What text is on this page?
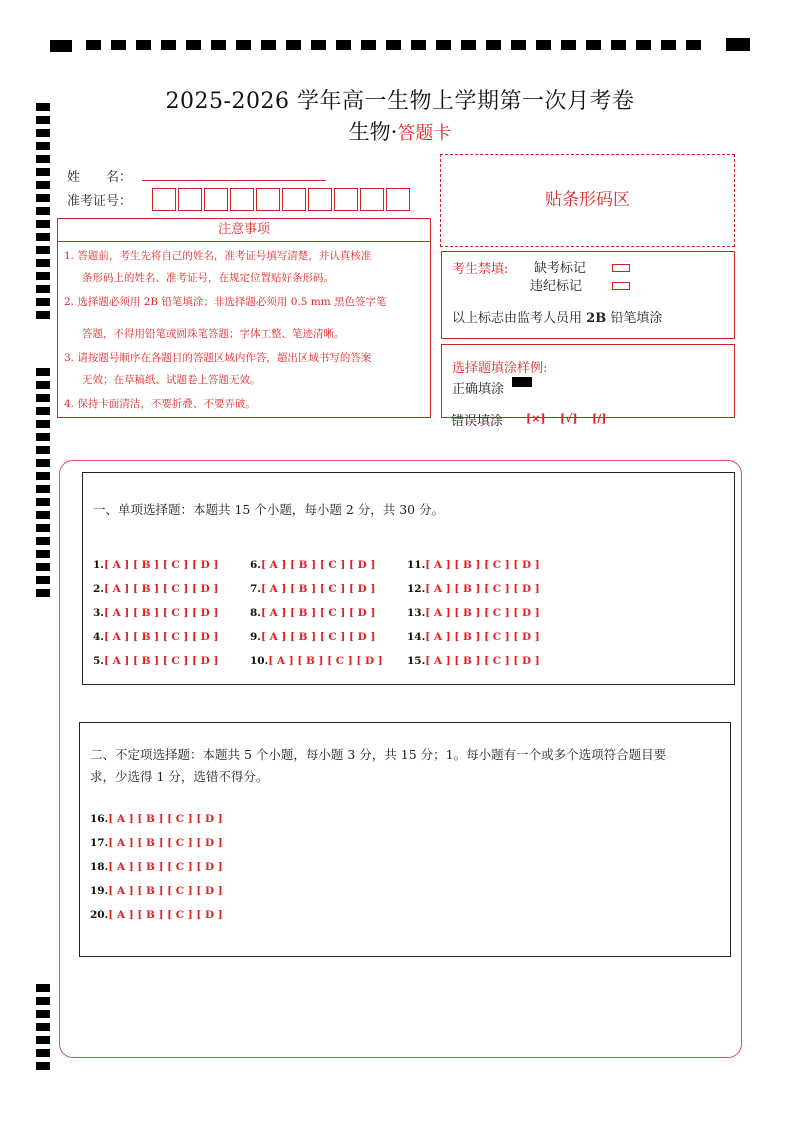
2025-2026 学年高一生物上学期第一次月考卷
生物·答题卡
姓　　名：
准考证号：	贴条形码区
注意事项
1. 答题前，考生先将自己的姓名，准考证号填写清楚，并认真核准
条形码上的姓名、准考证号，在规定位置贴好条形码。
2. 选择题必须用 2B 铅笔填涂；非选择题必须用 0.5 mm 黑色签字笔
答题，不得用铅笔或圆珠笔答题；字体工整、笔迹清晰。
3. 请按题号顺序在各题目的答题区域内作答，超出区域书写的答案
无效；在草稿纸、试题卷上答题无效。
4. 保持卡面清洁，不要折叠、不要弄破。
考生禁填: 缺考标记
违纪标记
以上标志由监考人员用 2B 铅笔填涂
选择题填涂样例:
正确填涂
错误填涂 [×] [√] [/]
一、单项选择题：本题共 15 个小题，每小题 2 分，共 30 分。
1.[ A ] [ B ] [ C ] [ D ]
2.[ A ] [ B ] [ C ] [ D ]
3.[ A ] [ B ] [ C ] [ D ]
4.[ A ] [ B ] [ C ] [ D ]
5.[ A ] [ B ] [ C ] [ D ]
6.[ A ] [ B ] [ C ] [ D ]
7.[ A ] [ B ] [ C ] [ D ]
8.[ A ] [ B ] [ C ] [ D ]
9.[ A ] [ B ] [ C ] [ D ]
10.[ A ] [ B ] [ C ] [ D ]
11.[ A ] [ B ] [ C ] [ D ]
12.[ A ] [ B ] [ C ] [ D ]
13.[ A ] [ B ] [ C ] [ D ]
14.[ A ] [ B ] [ C ] [ D ]
15.[ A ] [ B ] [ C ] [ D ]
二、不定项选择题：本题共 5 个小题，每小题 3 分，共 15 分；1。每小题有一个或多个选项符合题目要
求，少选得 1 分，选错不得分。
16.[ A ] [ B ] [ C ] [ D ]
17.[ A ] [ B ] [ C ] [ D ]
18.[ A ] [ B ] [ C ] [ D ]
19.[ A ] [ B ] [ C ] [ D ]
20.[ A ] [ B ] [ C ] [ D ]
